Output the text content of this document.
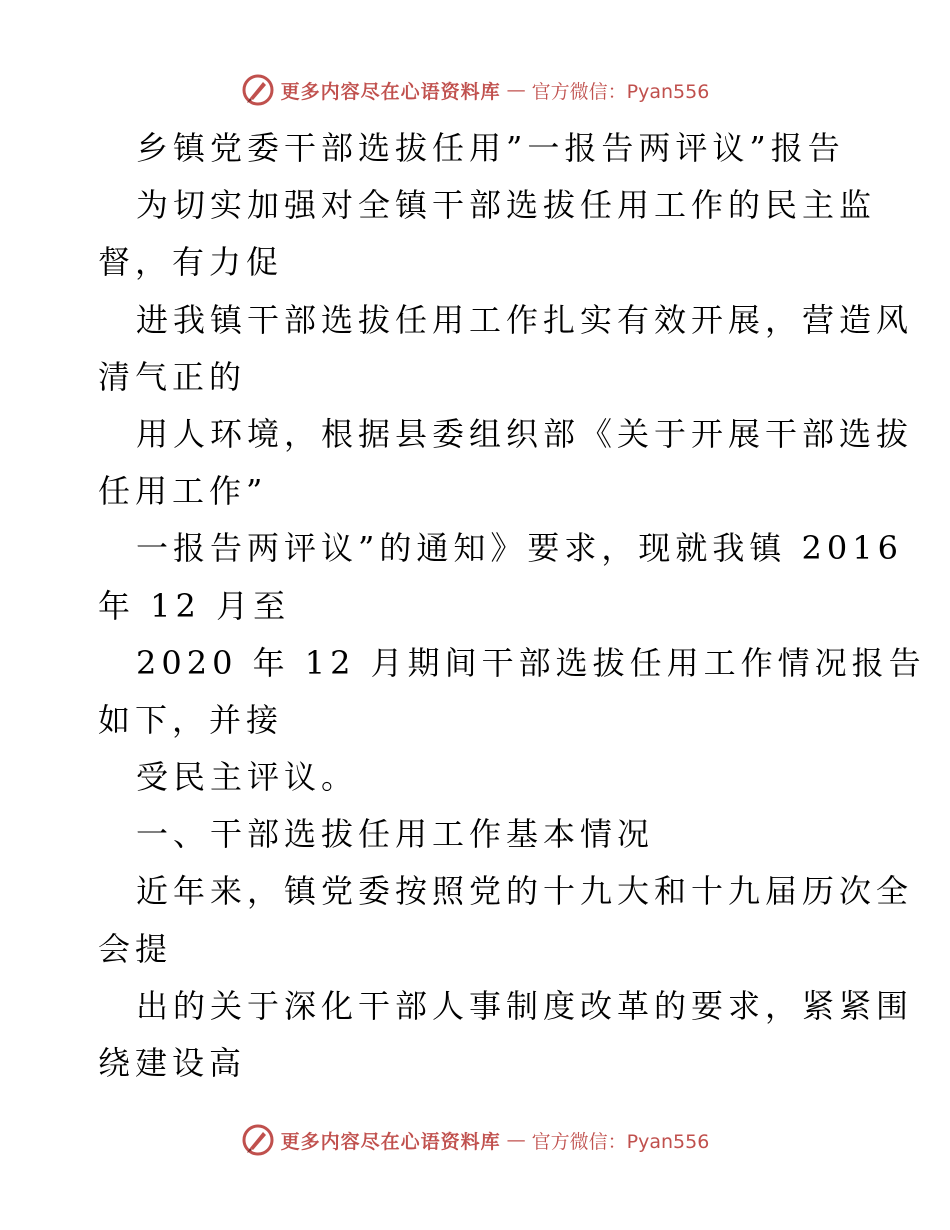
更多内容尽在心语资料库 — 官方微信：Pyan556
乡镇党委干部选拔任用”一报告两评议”报告
为切实加强对全镇干部选拔任用工作的民主监
督，有力促
进我镇干部选拔任用工作扎实有效开展，营造风
清气正的
用人环境，根据县委组织部《关于开展干部选拔
任用工作”
一报告两评议”的通知》要求，现就我镇 2016
年 12 月至
2020 年 12 月期间干部选拔任用工作情况报告
如下，并接
受民主评议。
一、干部选拔任用工作基本情况
近年来，镇党委按照党的十九大和十九届历次全
会提
出的关于深化干部人事制度改革的要求，紧紧围
绕建设高
更多内容尽在心语资料库 — 官方微信：Pyan556
